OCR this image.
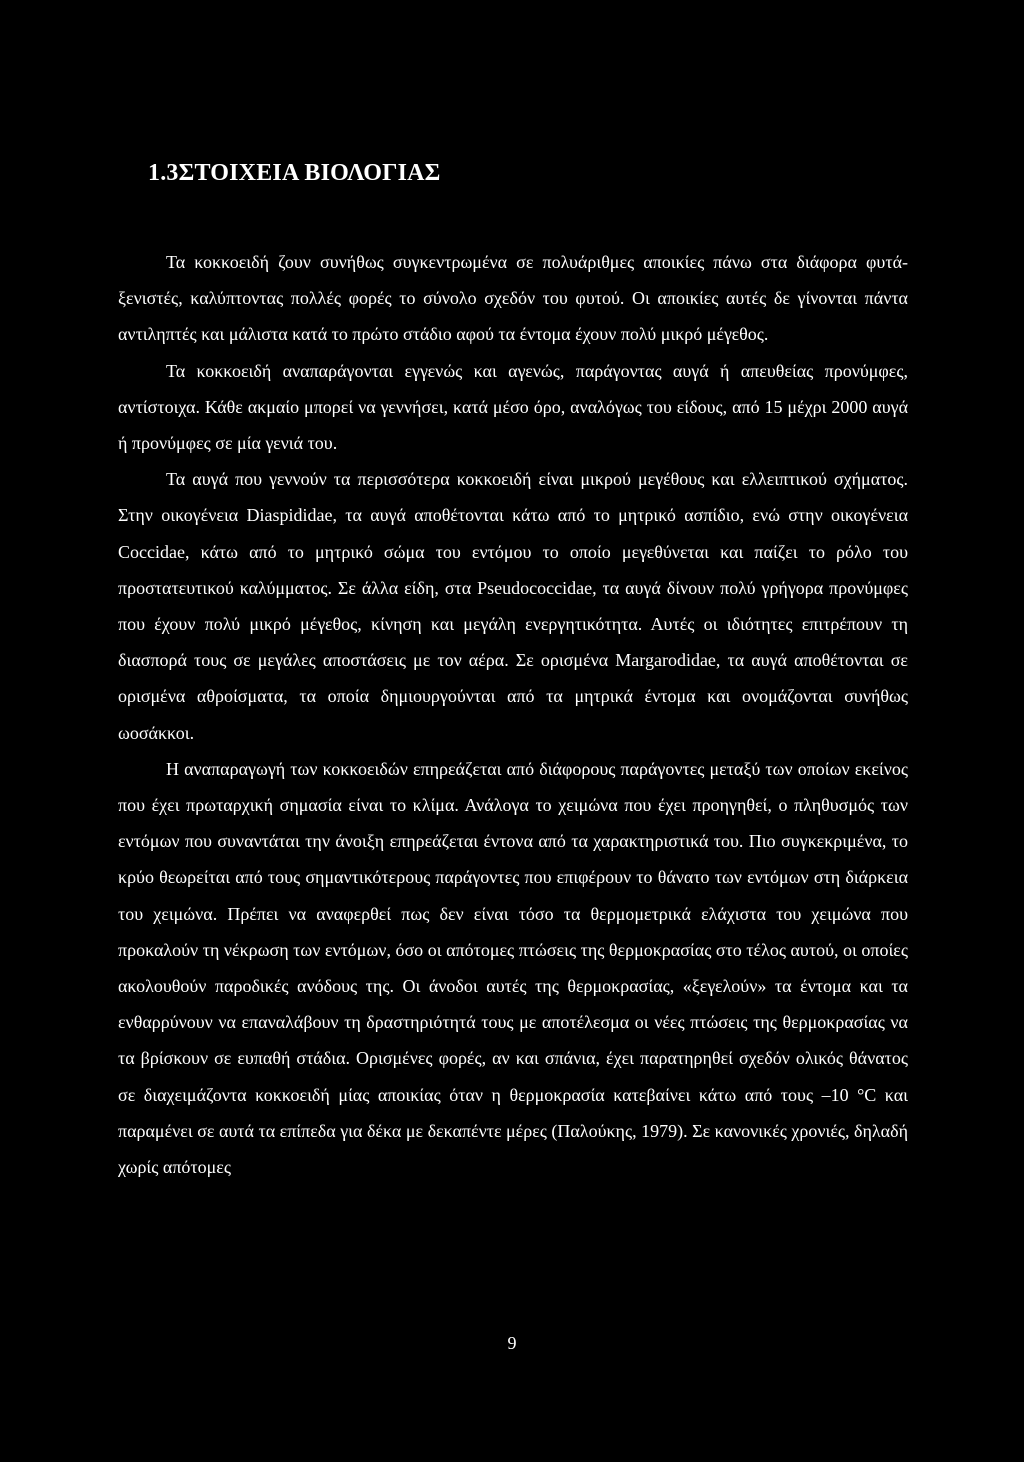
1.3ΣΤΟΙΧΕΙΑ ΒΙΟΛΟΓΙΑΣ

Τα κοκκοειδή ζουν συνήθως συγκεντρωμένα σε πολυάριθμες αποικίες πάνω στα διάφορα φυτά-ξενιστές, καλύπτοντας πολλές φορές το σύνολο σχεδόν του φυτού. Οι αποικίες αυτές δε γίνονται πάντα αντιληπτές και μάλιστα κατά το πρώτο στάδιο αφού τα έντομα έχουν πολύ μικρό μέγεθος.

Τα κοκκοειδή αναπαράγονται εγγενώς και αγενώς, παράγοντας αυγά ή απευθείας προνύμφες, αντίστοιχα. Κάθε ακμαίο μπορεί να γεννήσει, κατά μέσο όρο, αναλόγως του είδους, από 15 μέχρι 2000 αυγά ή προνύμφες σε μία γενιά του.

Τα αυγά που γεννούν τα περισσότερα κοκκοειδή είναι μικρού μεγέθους και ελλειπτικού σχήματος. Στην οικογένεια Diaspididae, τα αυγά αποθέτονται κάτω από το μητρικό ασπίδιο, ενώ στην οικογένεια Coccidae, κάτω από το μητρικό σώμα του εντόμου το οποίο μεγεθύνεται και παίζει το ρόλο του προστατευτικού καλύμματος. Σε άλλα είδη, στα Pseudococcidae, τα αυγά δίνουν πολύ γρήγορα προνύμφες που έχουν πολύ μικρό μέγεθος, κίνηση και μεγάλη ενεργητικότητα. Αυτές οι ιδιότητες επιτρέπουν τη διασπορά τους σε μεγάλες αποστάσεις με τον αέρα. Σε ορισμένα Margarodidae, τα αυγά αποθέτονται σε ορισμένα αθροίσματα, τα οποία δημιουργούνται από τα μητρικά έντομα και ονομάζονται συνήθως ωοσάκκοι.

Η αναπαραγωγή των κοκκοειδών επηρεάζεται από διάφορους παράγοντες μεταξύ των οποίων εκείνος που έχει πρωταρχική σημασία είναι το κλίμα. Ανάλογα το χειμώνα που έχει προηγηθεί, ο πληθυσμός των εντόμων που συναντάται την άνοιξη επηρεάζεται έντονα από τα χαρακτηριστικά του. Πιο συγκεκριμένα, το κρύο θεωρείται από τους σημαντικότερους παράγοντες που επιφέρουν το θάνατο των εντόμων στη διάρκεια του χειμώνα. Πρέπει να αναφερθεί πως δεν είναι τόσο τα θερμομετρικά ελάχιστα του χειμώνα που προκαλούν τη νέκρωση των εντόμων, όσο οι απότομες πτώσεις της θερμοκρασίας στο τέλος αυτού, οι οποίες ακολουθούν παροδικές ανόδους της. Οι άνοδοι αυτές της θερμοκρασίας, «ξεγελούν» τα έντομα και τα ενθαρρύνουν να επαναλάβουν τη δραστηριότητά τους με αποτέλεσμα οι νέες πτώσεις της θερμοκρασίας να τα βρίσκουν σε ευπαθή στάδια. Ορισμένες φορές, αν και σπάνια, έχει παρατηρηθεί σχεδόν ολικός θάνατος σε διαχειμάζοντα κοκκοειδή μίας αποικίας όταν η θερμοκρασία κατεβαίνει κάτω από τους –10 °C και παραμένει σε αυτά τα επίπεδα για δέκα με δεκαπέντε μέρες (Παλούκης, 1979). Σε κανονικές χρονιές, δηλαδή χωρίς απότομες

9
